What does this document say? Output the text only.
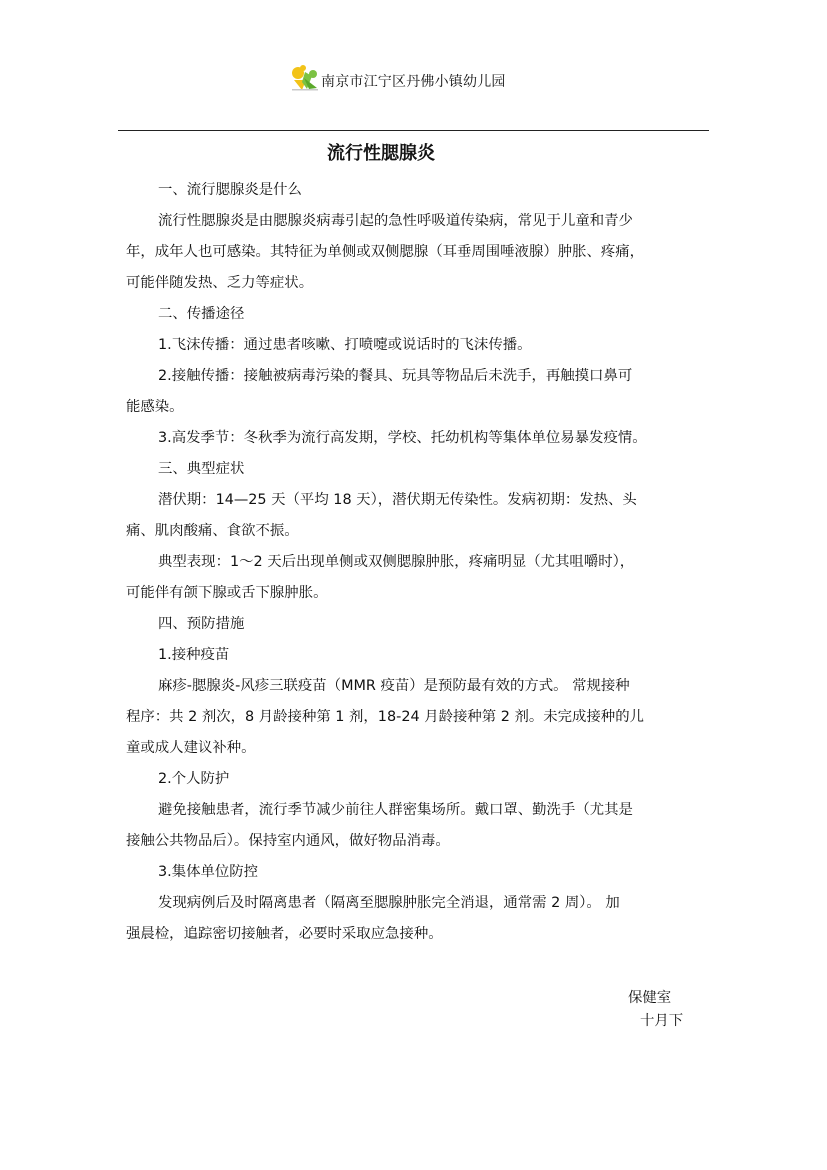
南京市江宁区丹佛小镇幼儿园
流行性腮腺炎
一、流行腮腺炎是什么
流行性腮腺炎是由腮腺炎病毒引起的急性呼吸道传染病，常见于儿童和青少
年，成年人也可感染。其特征为单侧或双侧腮腺（耳垂周围唾液腺）肿胀、疼痛，
可能伴随发热、乏力等症状。
二、传播途径
1.飞沫传播：通过患者咳嗽、打喷嚏或说话时的飞沫传播。
2.接触传播：接触被病毒污染的餐具、玩具等物品后未洗手，再触摸口鼻可
能感染。
3.高发季节：冬秋季为流行高发期，学校、托幼机构等集体单位易暴发疫情。
三、典型症状
潜伏期：14—25 天（平均 18 天），潜伏期无传染性。发病初期：发热、头
痛、肌肉酸痛、食欲不振。
典型表现：1～2 天后出现单侧或双侧腮腺肿胀，疼痛明显（尤其咀嚼时），
可能伴有颌下腺或舌下腺肿胀。
四、预防措施
1.接种疫苗
麻疹-腮腺炎-风疹三联疫苗（MMR 疫苗）是预防最有效的方式。 常规接种
程序：共 2 剂次，8 月龄接种第 1 剂，18-24 月龄接种第 2 剂。未完成接种的儿
童或成人建议补种。
2.个人防护
避免接触患者，流行季节减少前往人群密集场所。戴口罩、勤洗手（尤其是
接触公共物品后）。保持室内通风，做好物品消毒。
3.集体单位防控
发现病例后及时隔离患者（隔离至腮腺肿胀完全消退，通常需 2 周）。 加
强晨检，追踪密切接触者，必要时采取应急接种。
保健室
十月下
